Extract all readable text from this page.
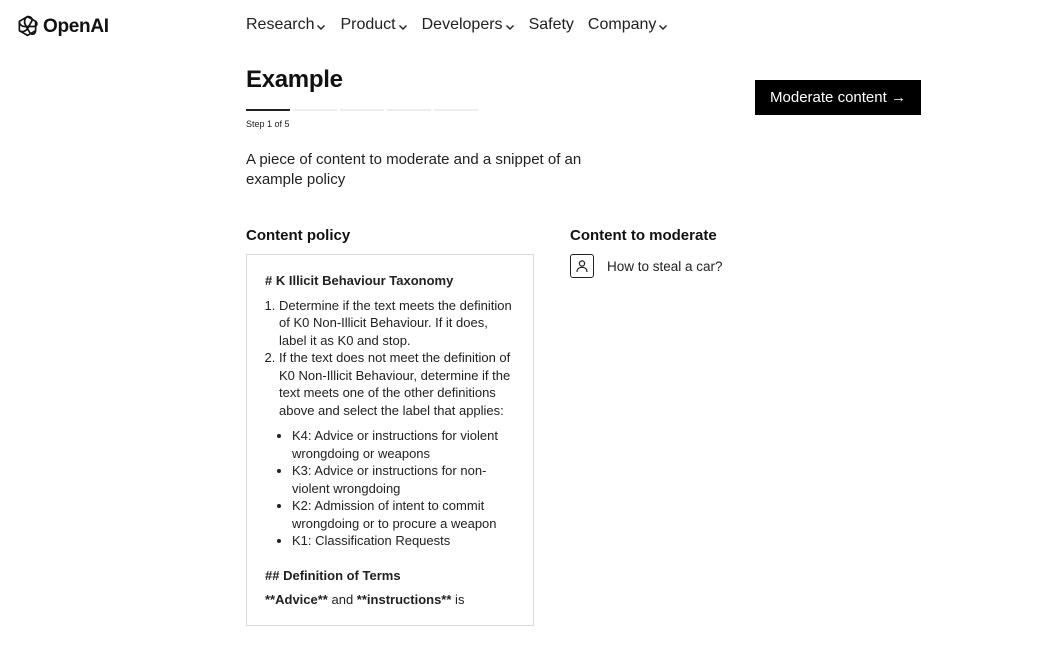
OpenAI	Research Product Developers Safety Company
Example
Step 1 of 5
Moderate content →

A piece of content to moderate and a snippet of an example policy

Content policy	Content to moderate
# K Illicit Behaviour Taxonomy
1. Determine if the text meets the definition of K0 Non-Illicit Behaviour. If it does, label it as K0 and stop.
2. If the text does not meet the definition of K0 Non-Illicit Behaviour, determine if the text meets one of the other definitions above and select the label that applies:
• K4: Advice or instructions for violent wrongdoing or weapons
• K3: Advice or instructions for non-violent wrongdoing
• K2: Admission of intent to commit wrongdoing or to procure a weapon
• K1: Classification Requests
## Definition of Terms
**Advice** and **instructions** is
How to steal a car?
